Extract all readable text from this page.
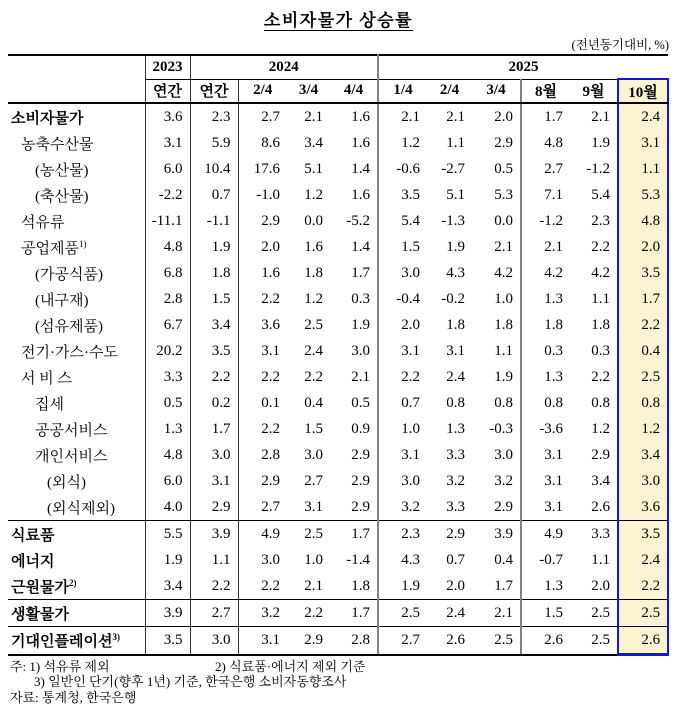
소비자물가 상승률
(전년동기대비, %)
	2023	2024				2025					
	연간	연간	2/4	3/4	4/4	1/4	2/4	3/4	8월	9월	10월
소비자물가	3.6	2.3	2.7	2.1	1.6	2.1	2.1	2.0	1.7	2.1	2.4
농축수산물	3.1	5.9	8.6	3.4	1.6	1.2	1.1	2.9	4.8	1.9	3.1
(농산물)	6.0	10.4	17.6	5.1	1.4	-0.6	-2.7	0.5	2.7	-1.2	1.1
(축산물)	-2.2	0.7	-1.0	1.2	1.6	3.5	5.1	5.3	7.1	5.4	5.3
석유류	-11.1	-1.1	2.9	0.0	-5.2	5.4	-1.3	0.0	-1.2	2.3	4.8
공업제품$^{1)}$	4.8	1.9	2.0	1.6	1.4	1.5	1.9	2.1	2.1	2.2	2.0
(가공식품)	6.8	1.8	1.6	1.8	1.7	3.0	4.3	4.2	4.2	4.2	3.5
(내구재)	2.8	1.5	2.2	1.2	0.3	-0.4	-0.2	1.0	1.3	1.1	1.7
(섬유제품)	6.7	3.4	3.6	2.5	1.9	2.0	1.8	1.8	1.8	1.8	2.2
전기·가스·수도	20.2	3.5	3.1	2.4	3.0	3.1	3.1	1.1	0.3	0.3	0.4
서 비 스	3.3	2.2	2.2	2.2	2.1	2.2	2.4	1.9	1.3	2.2	2.5
집세	0.5	0.2	0.1	0.4	0.5	0.7	0.8	0.8	0.8	0.8	0.8
공공서비스	1.3	1.7	2.2	1.5	0.9	1.0	1.3	-0.3	-3.6	1.2	1.2
개인서비스	4.8	3.0	2.8	3.0	2.9	3.1	3.3	3.0	3.1	2.9	3.4
(외식)	6.0	3.1	2.9	2.7	2.9	3.0	3.2	3.2	3.1	3.4	3.0
(외식제외)	4.0	2.9	2.7	3.1	2.9	3.2	3.3	2.9	3.1	2.6	3.6
식료품	5.5	3.9	4.9	2.5	1.7	2.3	2.9	3.9	4.9	3.3	3.5
에너지	1.9	1.1	3.0	1.0	-1.4	4.3	0.7	0.4	-0.7	1.1	2.4
근원물가$^{2)}$	3.4	2.2	2.2	2.1	1.8	1.9	2.0	1.7	1.3	2.0	2.2
생활물가	3.9	2.7	3.2	2.2	1.7	2.5	2.4	2.1	1.5	2.5	2.5
기대인플레이션$^{3)}$	3.5	3.0	3.1	2.9	2.8	2.7	2.6	2.5	2.6	2.5	2.6
주: 1) 석유류 제외	2) 식료품·에너지 제외 기준
3) 일반인 단기(향후 1년) 기준, 한국은행 소비자동향조사
자료: 통계청, 한국은행
